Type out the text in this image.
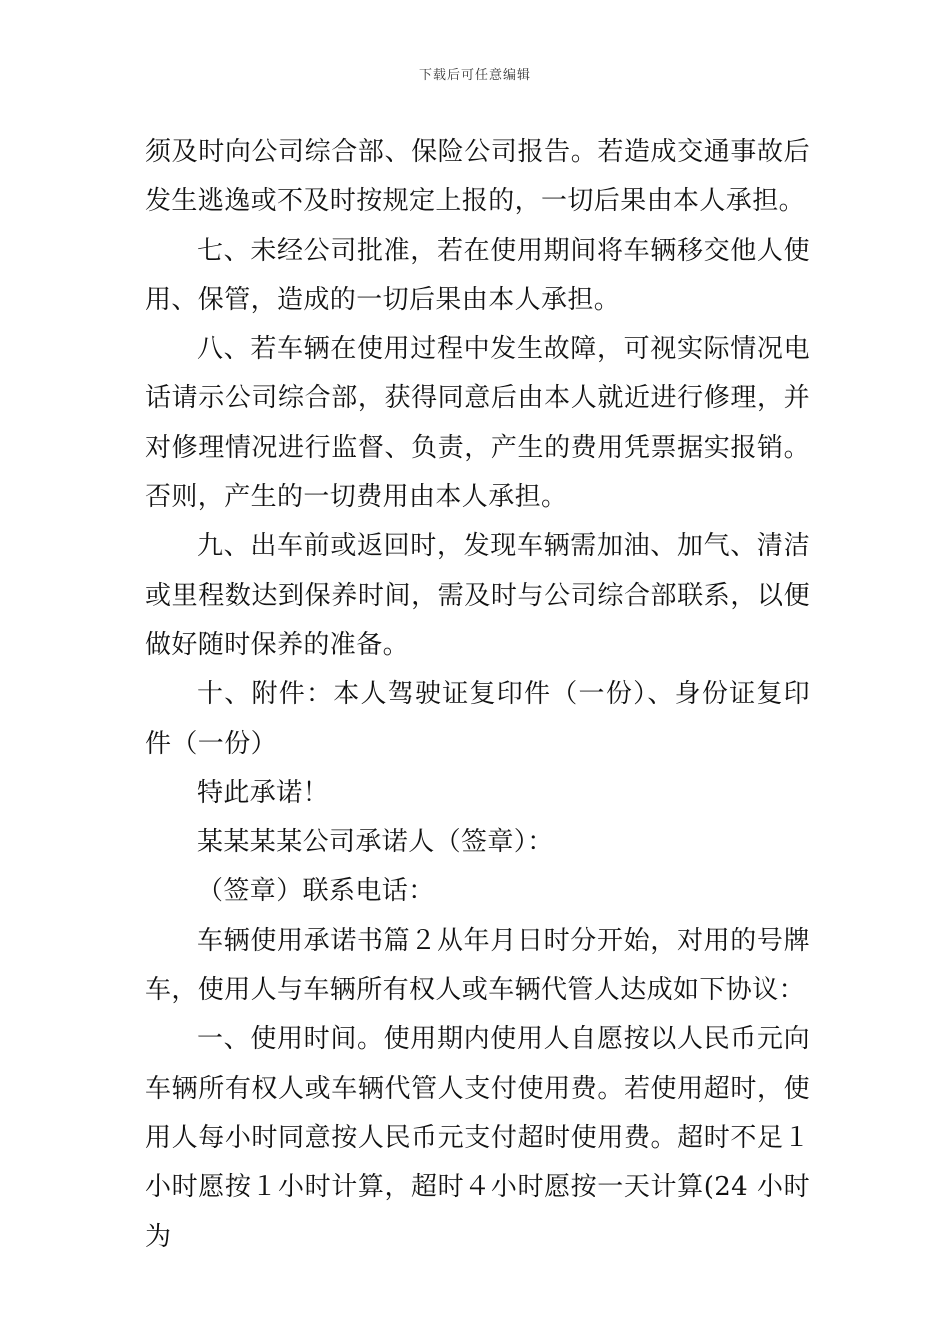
下载后可任意编辑

须及时向公司综合部、保险公司报告。若造成交通事故后发生逃逸或不及时按规定上报的，一切后果由本人承担。

七、未经公司批准，若在使用期间将车辆移交他人使用、保管，造成的一切后果由本人承担。

八、若车辆在使用过程中发生故障，可视实际情况电话请示公司综合部，获得同意后由本人就近进行修理，并对修理情况进行监督、负责，产生的费用凭票据实报销。否则，产生的一切费用由本人承担。

九、出车前或返回时，发现车辆需加油、加气、清洁或里程数达到保养时间，需及时与公司综合部联系，以便做好随时保养的准备。

十、附件：本人驾驶证复印件（一份）、身份证复印件（一份）

特此承诺！

某某某某公司承诺人（签章）：

（签章）联系电话：

车辆使用承诺书篇２从年月日时分开始，对用的号牌车，使用人与车辆所有权人或车辆代管人达成如下协议：

一、使用时间。使用期内使用人自愿按以人民币元向车辆所有权人或车辆代管人支付使用费。若使用超时，使用人每小时同意按人民币元支付超时使用费。超时不足１小时愿按１小时计算，超时４小时愿按一天计算(24 小时为
